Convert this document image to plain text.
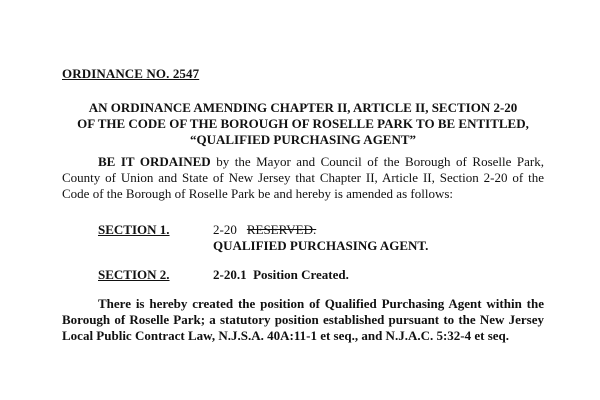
ORDINANCE NO. 2547
AN ORDINANCE AMENDING CHAPTER II, ARTICLE II, SECTION 2-20
OF THE CODE OF THE BOROUGH OF ROSELLE PARK TO BE ENTITLED,
“QUALIFIED PURCHASING AGENT”
BE IT ORDAINED by the Mayor and Council of the Borough of Roselle Park, County of Union and State of New Jersey that Chapter II, Article II, Section 2-20 of the Code of the Borough of Roselle Park be and hereby is amended as follows:
SECTION 1.	2-20 RESERVED.
QUALIFIED PURCHASING AGENT.
SECTION 2.	2-20.1  Position Created.
There is hereby created the position of Qualified Purchasing Agent within the Borough of Roselle Park; a statutory position established pursuant to the New Jersey Local Public Contract Law, N.J.S.A. 40A:11-1 et seq., and N.J.A.C. 5:32-4 et seq.
